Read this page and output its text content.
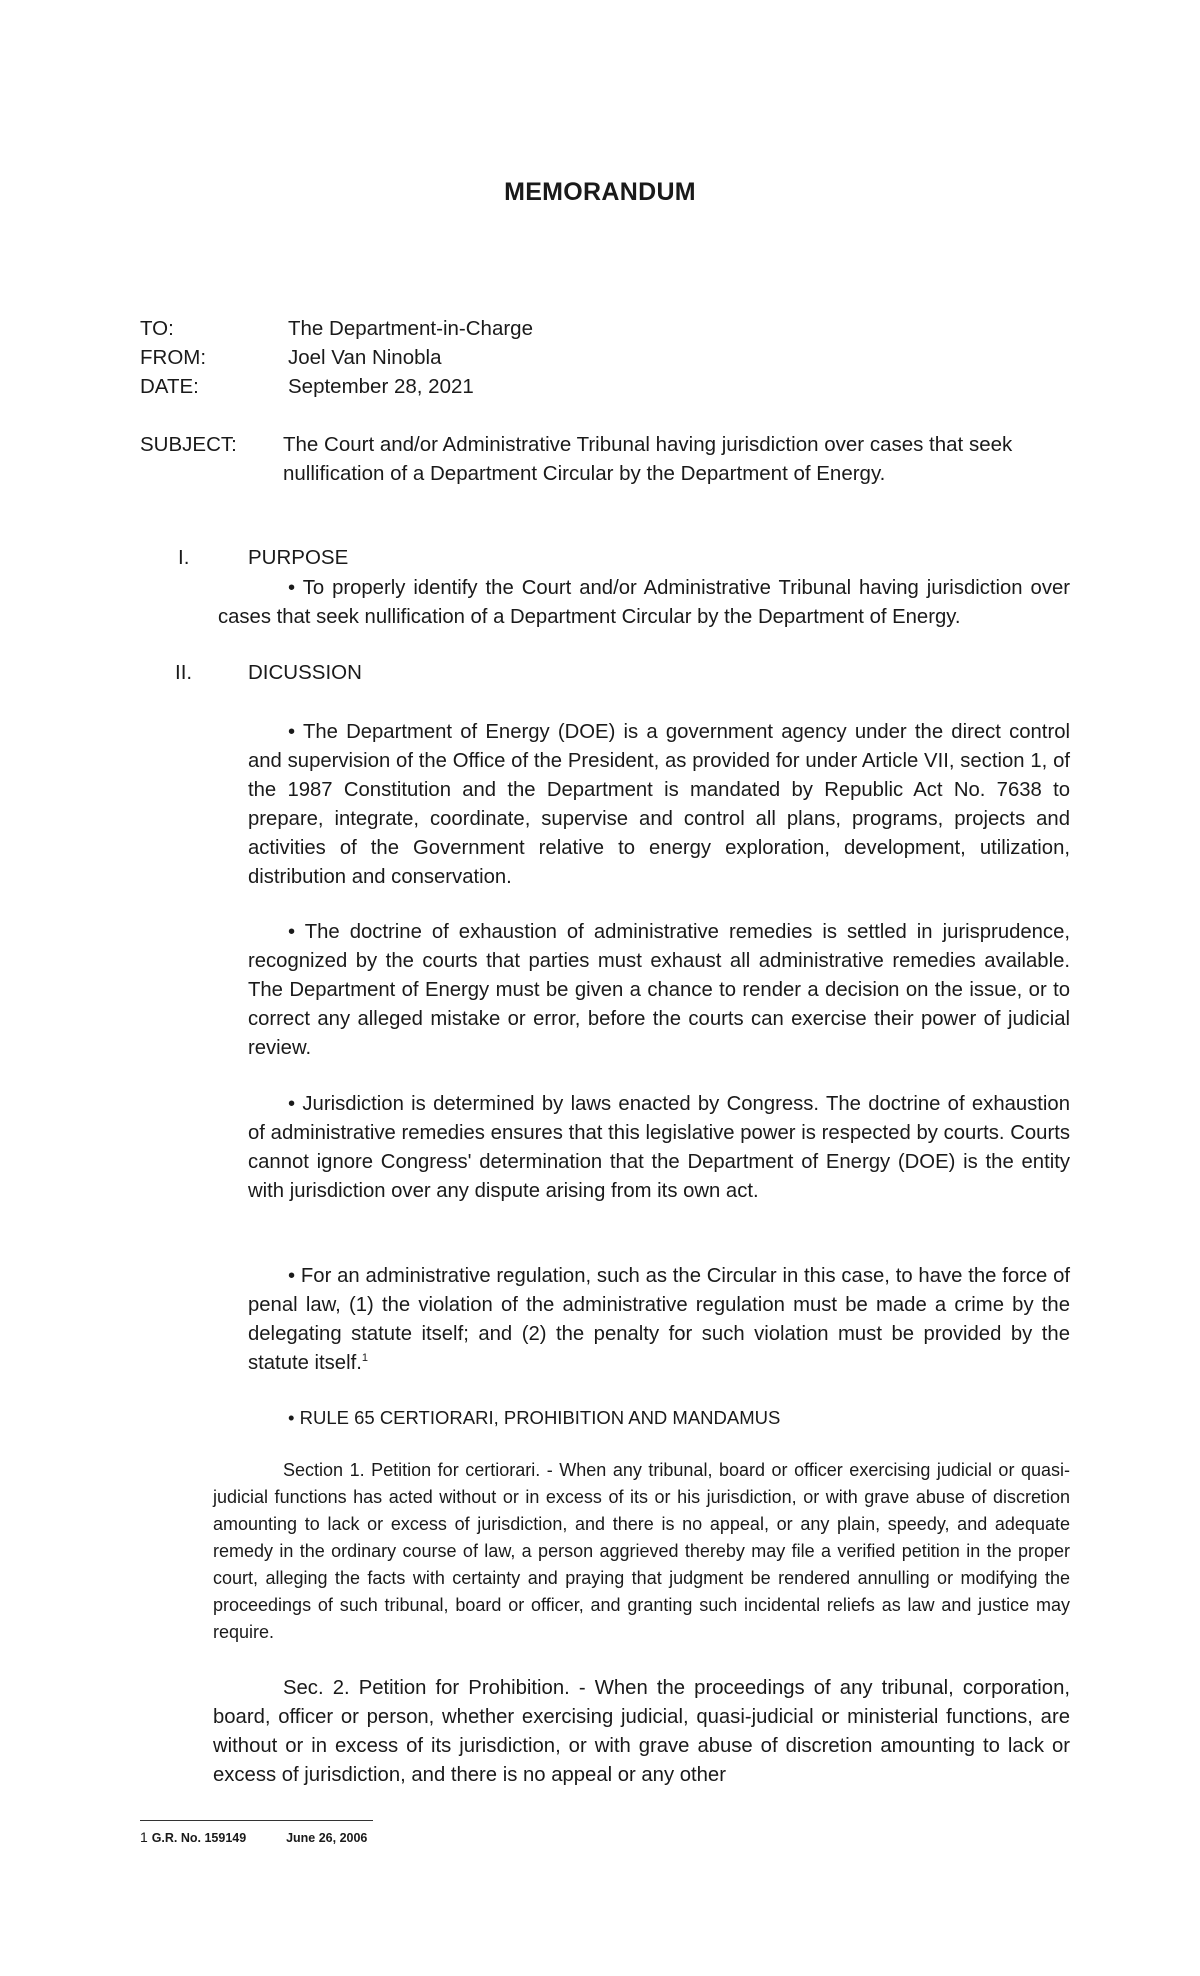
MEMORANDUM
TO:	The Department-in-Charge
FROM:	Joel Van Ninobla
DATE:	September 28, 2021
SUBJECT: The Court and/or Administrative Tribunal having jurisdiction over cases that seek nullification of a Department Circular by the Department of Energy.
I.	PURPOSE
• To properly identify the Court and/or Administrative Tribunal having jurisdiction over cases that seek nullification of a Department Circular by the Department of Energy.
II.	DICUSSION
• The Department of Energy (DOE) is a government agency under the direct control and supervision of the Office of the President, as provided for under Article VII, section 1, of the 1987 Constitution and the Department is mandated by Republic Act No. 7638 to prepare, integrate, coordinate, supervise and control all plans, programs, projects and activities of the Government relative to energy exploration, development, utilization, distribution and conservation.
• The doctrine of exhaustion of administrative remedies is settled in jurisprudence, recognized by the courts that parties must exhaust all administrative remedies available. The Department of Energy must be given a chance to render a decision on the issue, or to correct any alleged mistake or error, before the courts can exercise their power of judicial review.
• Jurisdiction is determined by laws enacted by Congress. The doctrine of exhaustion of administrative remedies ensures that this legislative power is respected by courts. Courts cannot ignore Congress' determination that the Department of Energy (DOE) is the entity with jurisdiction over any dispute arising from its own act.
• For an administrative regulation, such as the Circular in this case, to have the force of penal law, (1) the violation of the administrative regulation must be made a crime by the delegating statute itself; and (2) the penalty for such violation must be provided by the statute itself.$^1$
• RULE 65 CERTIORARI, PROHIBITION AND MANDAMUS
Section 1. Petition for certiorari. - When any tribunal, board or officer exercising judicial or quasi- judicial functions has acted without or in excess of its or his jurisdiction, or with grave abuse of discretion amounting to lack or excess of jurisdiction, and there is no appeal, or any plain, speedy, and adequate remedy in the ordinary course of law, a person aggrieved thereby may file a verified petition in the proper court, alleging the facts with certainty and praying that judgment be rendered annulling or modifying the proceedings of such tribunal, board or officer, and granting such incidental reliefs as law and justice may require.
Sec. 2. Petition for Prohibition. - When the proceedings of any tribunal, corporation, board, officer or person, whether exercising judicial, quasi-judicial or ministerial functions, are without or in excess of its jurisdiction, or with grave abuse of discretion amounting to lack or excess of jurisdiction, and there is no appeal or any other
1 G.R. No. 159149	June 26, 2006
